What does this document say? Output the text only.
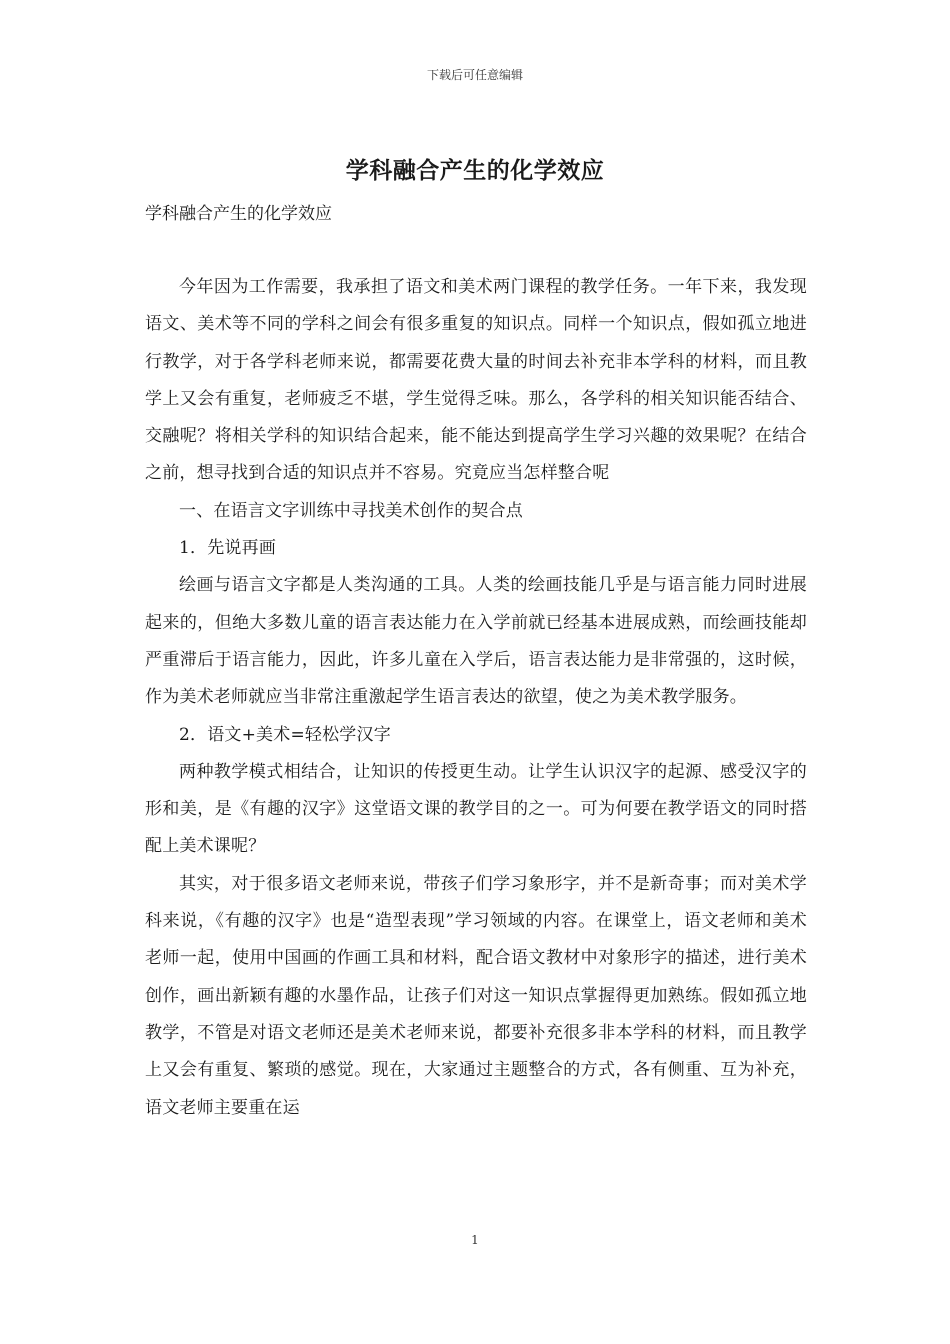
下载后可任意编辑
学科融合产生的化学效应

学科融合产生的化学效应

今年因为工作需要，我承担了语文和美术两门课程的教学任务。一年下来，我发现语文、美术等不同的学科之间会有很多重复的知识点。同样一个知识点，假如孤立地进行教学，对于各学科老师来说，都需要花费大量的时间去补充非本学科的材料，而且教学上又会有重复，老师疲乏不堪，学生觉得乏味。那么，各学科的相关知识能否结合、交融呢？将相关学科的知识结合起来，能不能达到提高学生学习兴趣的效果呢？在结合之前，想寻找到合适的知识点并不容易。究竟应当怎样整合呢

一、在语言文字训练中寻找美术创作的契合点

1．先说再画

绘画与语言文字都是人类沟通的工具。人类的绘画技能几乎是与语言能力同时进展起来的，但绝大多数儿童的语言表达能力在入学前就已经基本进展成熟，而绘画技能却严重滞后于语言能力，因此，许多儿童在入学后，语言表达能力是非常强的，这时候，作为美术老师就应当非常注重激起学生语言表达的欲望，使之为美术教学服务。

2．语文+美术=轻松学汉字

两种教学模式相结合，让知识的传授更生动。让学生认识汉字的起源、感受汉字的形和美，是《有趣的汉字》这堂语文课的教学目的之一。可为何要在教学语文的同时搭配上美术课呢？

其实，对于很多语文老师来说，带孩子们学习象形字，并不是新奇事；而对美术学科来说，《有趣的汉字》也是“造型表现”学习领域的内容。在课堂上，语文老师和美术老师一起，使用中国画的作画工具和材料，配合语文教材中对象形字的描述，进行美术创作，画出新颖有趣的水墨作品，让孩子们对这一知识点掌握得更加熟练。假如孤立地教学，不管是对语文老师还是美术老师来说，都要补充很多非本学科的材料，而且教学上又会有重复、繁琐的感觉。现在，大家通过主题整合的方式，各有侧重、互为补充，语文老师主要重在运

1
